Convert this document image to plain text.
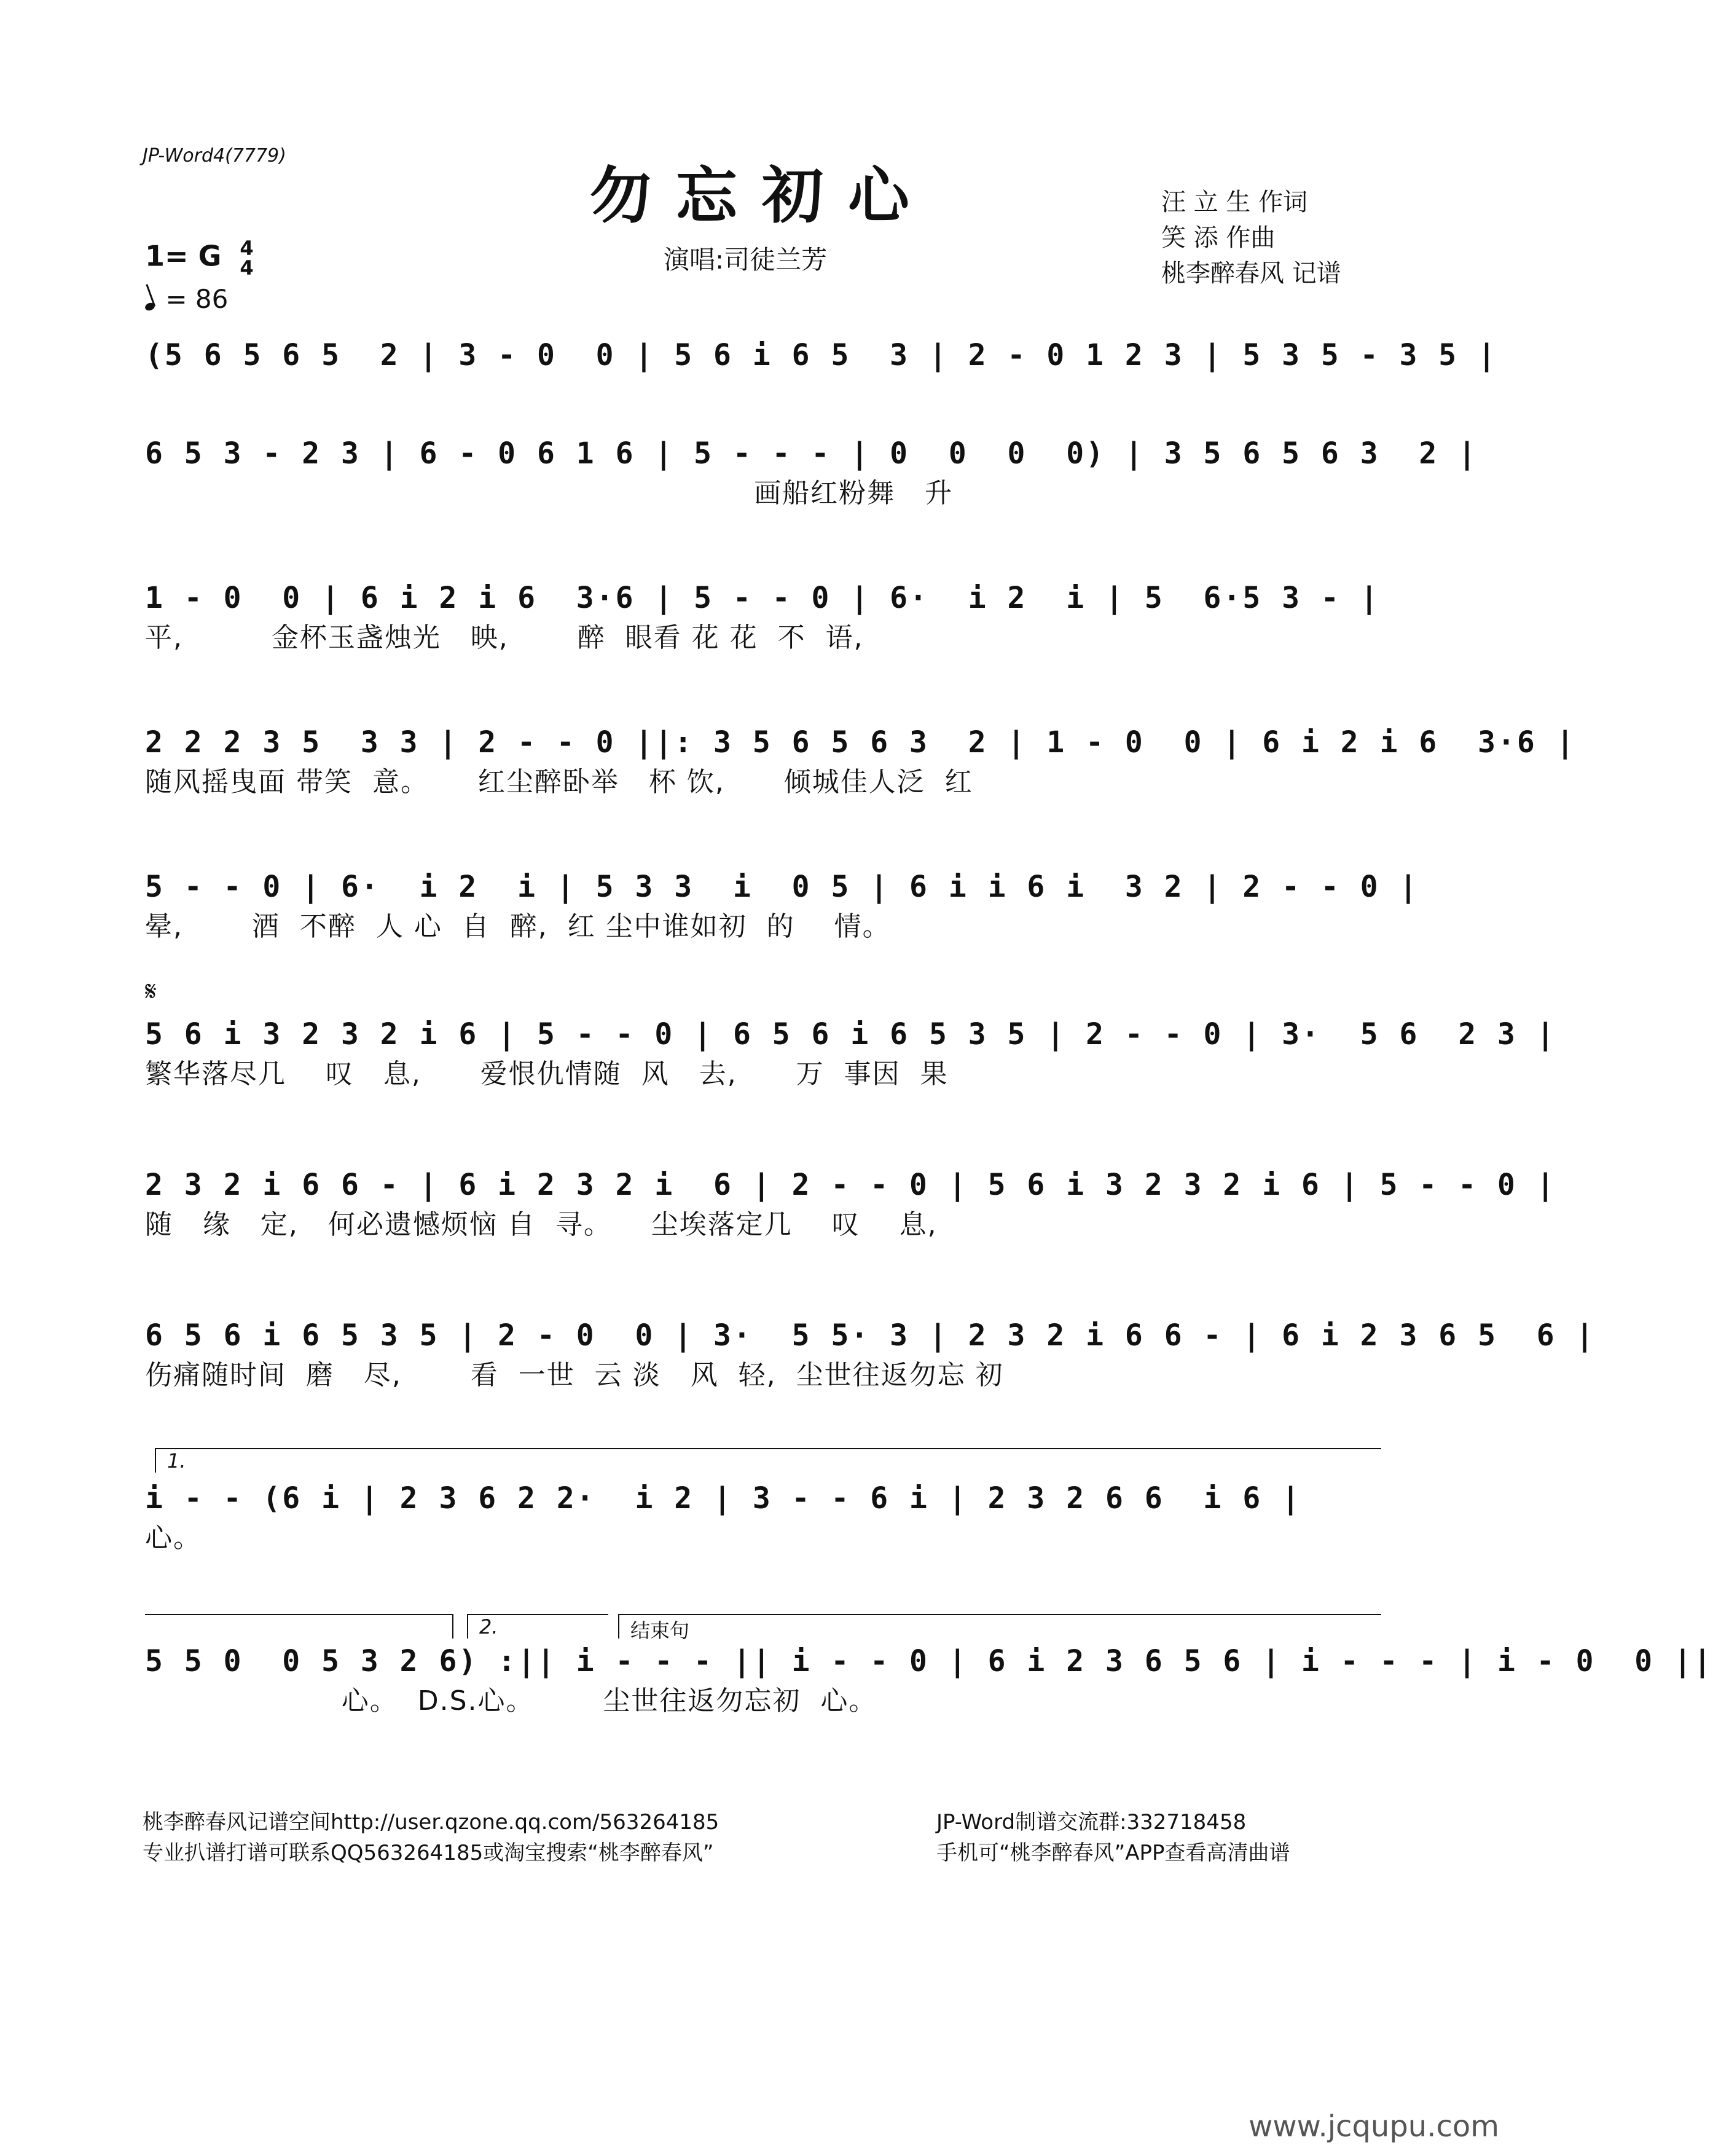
JP-Word4(7779)
勿忘初心
演唱:司徒兰芳
汪 立 生 作词
笑 添 作曲
桃李醉春风 记谱
1= G 4
4
= 86
(5 6 5 6 5  2 | 3 - 0  0 | 5 6 i 6 5  3 | 2 - 0 1 2 3 | 5 3 5 - 3 5 |
6 5 3 - 2 3 | 6 - 0 6 1 6 | 5 - - - | 0  0  0  0) | 3 5 6 5 6 3  2 |
画船红粉舞   升
1 - 0  0 | 6 i 2 i 6  3·6 | 5 - - 0 | 6·  i 2  i | 5  6·5 3 - |
平,         金杯玉盏烛光   映,       醉  眼看 花 花  不  语,
2 2 2 3 5  3 3 | 2 - - 0 ||: 3 5 6 5 6 3  2 | 1 - 0  0 | 6 i 2 i 6  3·6 |
随风摇曳面 带笑  意。     红尘醉卧举   杯 饮,      倾城佳人泛  红
5 - - 0 | 6·  i 2  i | 5 3 3  i  0 5 | 6 i i 6 i  3 2 | 2 - - 0 |
晕,       酒  不醉  人 心  自  醉,  红 尘中谁如初  的    情。
𝄋
5 6 i 3 2 3 2 i 6 | 5 - - 0 | 6 5 6 i 6 5 3 5 | 2 - - 0 | 3·  5 6  2 3 |
繁华落尽几    叹   息,      爱恨仇情随  风   去,      万  事因  果
2 3 2 i 6 6 - | 6 i 2 3 2 i  6 | 2 - - 0 | 5 6 i 3 2 3 2 i 6 | 5 - - 0 |
随   缘   定,   何必遗憾烦恼 自  寻。    尘埃落定几    叹    息,
6 5 6 i 6 5 3 5 | 2 - 0  0 | 3·  5 5· 3 | 2 3 2 i 6 6 - | 6 i 2 3 6 5  6 |
伤痛随时间  磨   尽,       看  一世  云 淡   风  轻,  尘世往返勿忘 初
1.
i - - (6 i | 2 3 6 2 2·  i 2 | 3 - - 6 i | 2 3 2 6 6  i 6 |
心。
2.	结束句
5 5 0  0 5 3 2 6) :|| i - - - || i - - 0 | 6 i 2 3 6 5 6 | i - - - | i - 0  0 ||
心。  D.S.心。       尘世往返勿忘初  心。
桃李醉春风记谱空间http://user.qzone.qq.com/563264185
专业扒谱打谱可联系QQ563264185或淘宝搜索“桃李醉春风”
JP-Word制谱交流群:332718458
手机可“桃李醉春风”APP查看高清曲谱
www.jcqupu.com
